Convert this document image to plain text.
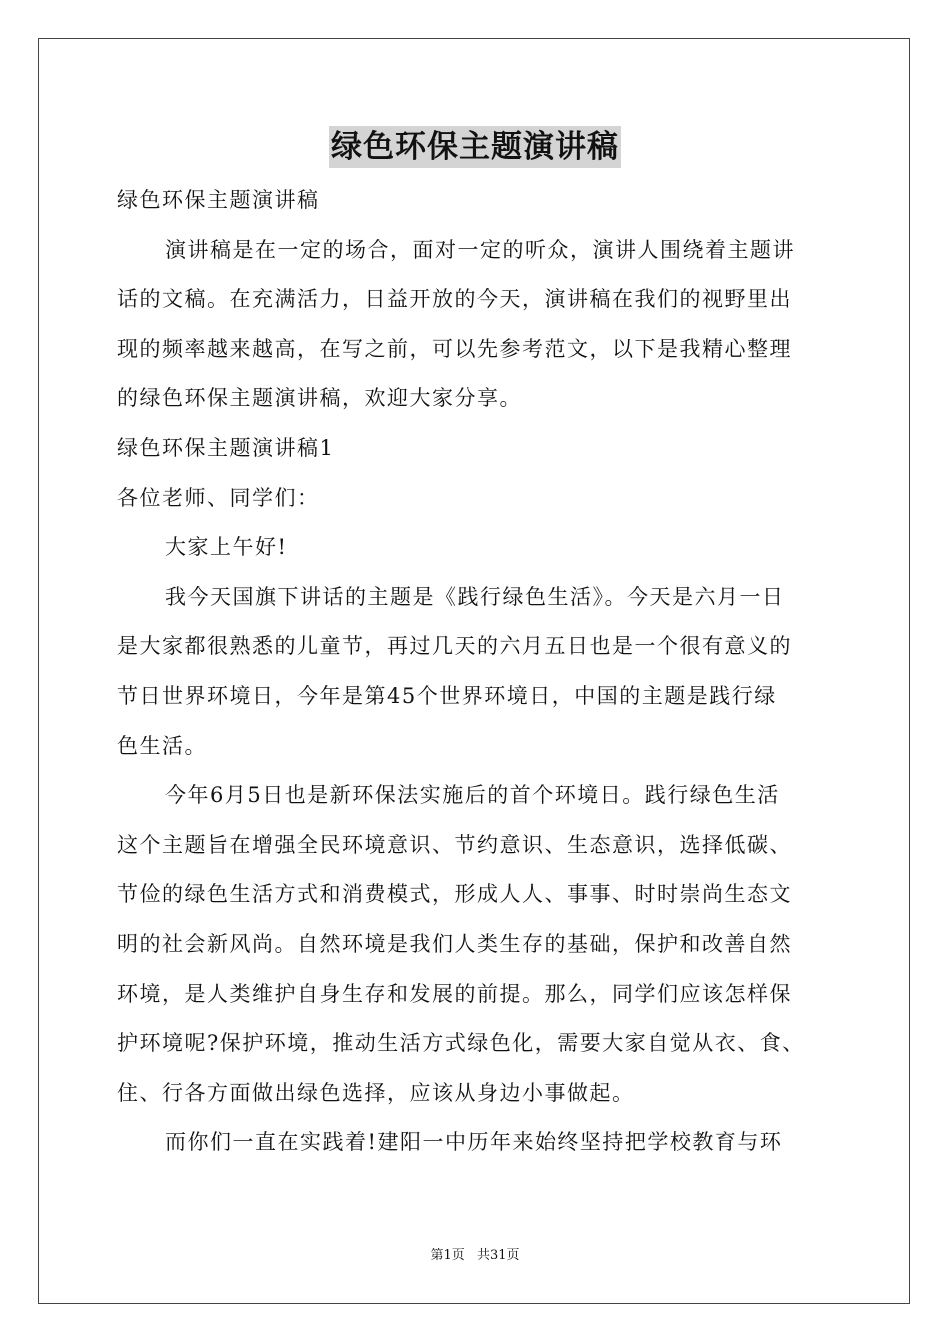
绿色环保主题演讲稿
绿色环保主题演讲稿
演讲稿是在一定的场合，面对一定的听众，演讲人围绕着主题讲
话的文稿。在充满活力，日益开放的今天，演讲稿在我们的视野里出
现的频率越来越高，在写之前，可以先参考范文，以下是我精心整理
的绿色环保主题演讲稿，欢迎大家分享。
绿色环保主题演讲稿1
各位老师、同学们：
大家上午好!
我今天国旗下讲话的主题是《践行绿色生活》。今天是六月一日
是大家都很熟悉的儿童节，再过几天的六月五日也是一个很有意义的
节日世界环境日，今年是第45个世界环境日，中国的主题是践行绿
色生活。
今年6月5日也是新环保法实施后的首个环境日。践行绿色生活
这个主题旨在增强全民环境意识、节约意识、生态意识，选择低碳、
节俭的绿色生活方式和消费模式，形成人人、事事、时时崇尚生态文
明的社会新风尚。自然环境是我们人类生存的基础，保护和改善自然
环境，是人类维护自身生存和发展的前提。那么，同学们应该怎样保
护环境呢?保护环境，推动生活方式绿色化，需要大家自觉从衣、食、
住、行各方面做出绿色选择，应该从身边小事做起。
而你们一直在实践着!建阳一中历年来始终坚持把学校教育与环
第1页 共31页
